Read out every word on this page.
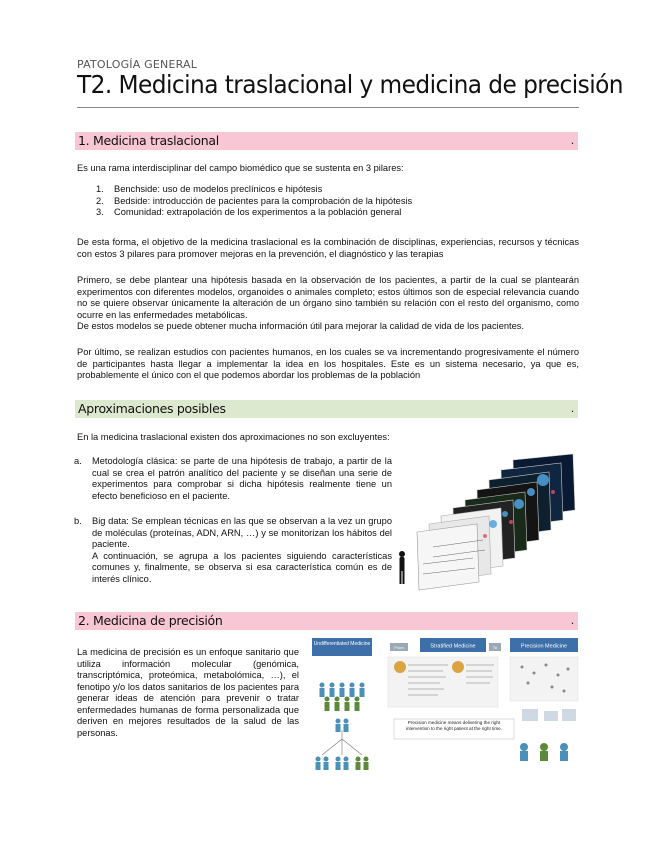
PATOLOGÍA GENERAL
T2. Medicina traslacional y medicina de precisión
1. Medicina traslacional	.
Es una rama interdisciplinar del campo biomédico que se sustenta en 3 pilares:
1. Benchside: uso de modelos preclínicos e hipótesis
2. Bedside: introducción de pacientes para la comprobación de la hipótesis
3. Comunidad: extrapolación de los experimentos a la población general
De esta forma, el objetivo de la medicina traslacional es la combinación de disciplinas, experiencias, recursos y técnicas con estos 3 pilares para promover mejoras en la prevención, el diagnóstico y las terapias
Primero, se debe plantear una hipótesis basada en la observación de los pacientes, a partir de la cual se plantearán experimentos con diferentes modelos, organoides o animales completo; estos últimos son de especial relevancia cuando no se quiere observar únicamente la alteración de un órgano sino también su relación con el resto del organismo, como ocurre en las enfermedades metabólicas.
De estos modelos se puede obtener mucha información útil para mejorar la calidad de vida de los pacientes.
Por último, se realizan estudios con pacientes humanos, en los cuales se va incrementando progresivamente el número de participantes hasta llegar a implementar la idea en los hospitales. Este es un sistema necesario, ya que es, probablemente el único con el que podemos abordar los problemas de la población
Aproximaciones posibles	.
En la medicina traslacional existen dos aproximaciones no son excluyentes:
a.	Metodología clásica: se parte de una hipótesis de trabajo, a partir de la cual se crea el patrón analítico del paciente y se diseñan una serie de experimentos para comprobar si dicha hipótesis realmente tiene un efecto beneficioso en el paciente.
b.	Big data: Se emplean técnicas en las que se observan a la vez un grupo de moléculas (proteínas, ADN, ARN, …) y se monitorizan los hábitos del paciente.
A continuación, se agrupa a los pacientes siguiendo características comunes y, finalmente, se observa si esa característica común es de interés clínico.
2. Medicina de precisión	.
La medicina de precisión es un enfoque sanitario que utiliza información molecular (genómica, transcriptómica, proteómica, metabolómica, …), el fenotipo y/o los datos sanitarios de los pacientes para generar ideas de atención para prevenir o tratar enfermedades humanas de forma personalizada que deriven en mejores resultados de la salud de las personas.
Undifferentiated Medicine
From	Stratified Medicine	To	Precision Medicine
Precision medicine means delivering the right intervention to the right patient at the right time.
